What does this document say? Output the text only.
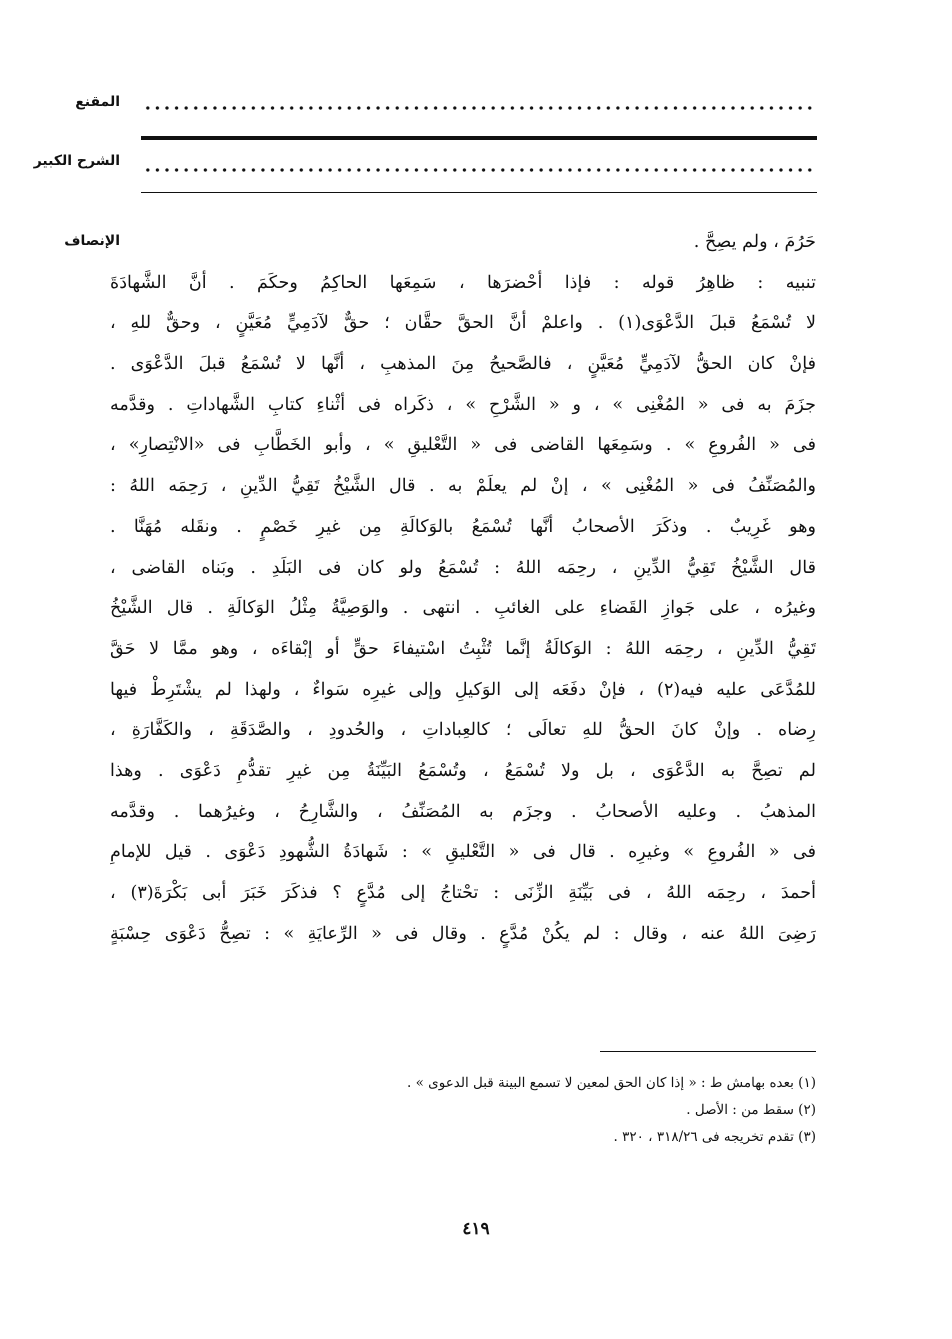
المقنع
الشرح الكبير
الإنصاف	حَرُمَ ، ولم يصِحَّ .
تنبيه : ظاهِرُ قوله : فإذا أحْضرَها ، سَمِعَها الحاكِمُ وحكَمَ . أنَّ الشَّهادَةَ
لا تُسْمَعُ قبلَ الدَّعْوَى(١) . واعلمْ أنَّ الحقَّ حقَّان ؛ حقٌّ لآدَمِيٍّ مُعَيَّنٍ ، وحقٌّ للهِ ،
فإنْ كان الحقُّ لآدَمِيٍّ مُعَيَّنٍ ، فالصَّحيحُ مِنَ المذهبِ ، أنَّها لا تُسْمَعُ قبلَ الدَّعْوَى .
جزَمَ به فى « المُغْنِى » ، و « الشَّرْحِ » ، ذكَراه فى أثْناءِ كتابِ الشَّهاداتِ . وقدَّمه
فى « الفُروعِ » . وسَمِعَها القاضى فى « التَّعْليقِ » ، وأبو الخَطَّابِ فى «الانْتِصارِ» ،
والمُصَنِّفُ فى « المُغْنِى » ، إنْ لم يعلَمْ به . قال الشَّيْخُ تَقِيُّ الدِّينِ ، رَحِمَه اللهُ :
وهو غَرِيبٌ . وذكَرَ الأصحابُ أنَّها تُسْمَعُ بالوَكالَةِ مِن غيرِ خَصْمٍ . ونقَله مُهَنَّا .
قال الشَّيْخُ تَقِيُّ الدِّينِ ، رحِمَه اللهُ : تُسْمَعُ ولو كان فى البَلَدِ . وبَناه القاضى ،
وغيرُه ، على جَوازِ القَضاءِ على الغائبِ . انتهى . والوَصِيَّةُ مِثْلُ الوَكالَةِ . قال الشَّيْخُ
تَقِيُّ الدِّينِ ، رحِمَه اللهُ : الوَكالَةُ إنَّما تُثْبِتُ اسْتيفاءَ حقٍّ أو إبْقاءَه ، وهو ممَّا لا حَقَّ
للمُدَّعَى عليه فيه(٢) ، فإنْ دفَعَه إلى الوَكيلِ وإلى غيرِه سَواءٌ ، ولهذا لم يشْتَرِطْ فيها
رِضاه . وإنْ كانَ الحقُّ للهِ تعالَى ؛ كالعِباداتِ ، والحُدودِ ، والصَّدَقَةِ ، والكَفَّارَةِ ،
لم تصِحَّ به الدَّعْوَى ، بل ولا تُسْمَعُ ، وتُسْمَعُ البَيِّنَةُ مِن غيرِ تقدُّمِ دَعْوَى . وهذا
المذهبُ . وعليه الأصحابُ . وجزَم به المُصَنِّفُ ، والشَّارِحُ ، وغيرُهما . وقدَّمه
فى « الفُروعِ » وغيرِه . قال فى « التَّعْليقِ » : شَهادَةُ الشُّهودِ دَعْوَى . قيل للإمامِ
أحمدَ ، رحِمَه اللهُ ، فى بَيِّنَةِ الزِّنَى : تحْتاجُ إلى مُدَّعٍ ؟ فذكَرَ خَبَرَ أبى بَكْرَةَ(٣) ،
رَضِىَ اللهُ عنه ، وقال : لم يكُنْ مُدَّعٍ . وقال فى « الرِّعايَةِ » : تصِحُّ دَعْوَى حِسْبَةٍ
(١) بعده بهامش ط : « إذا كان الحق لمعين لا تسمع البينة قبل الدعوى » .
(٢) سقط من : الأصل .
(٣) تقدم تخريجه فى ٣١٨/٢٦ ، ٣٢٠ .
٤١٩
